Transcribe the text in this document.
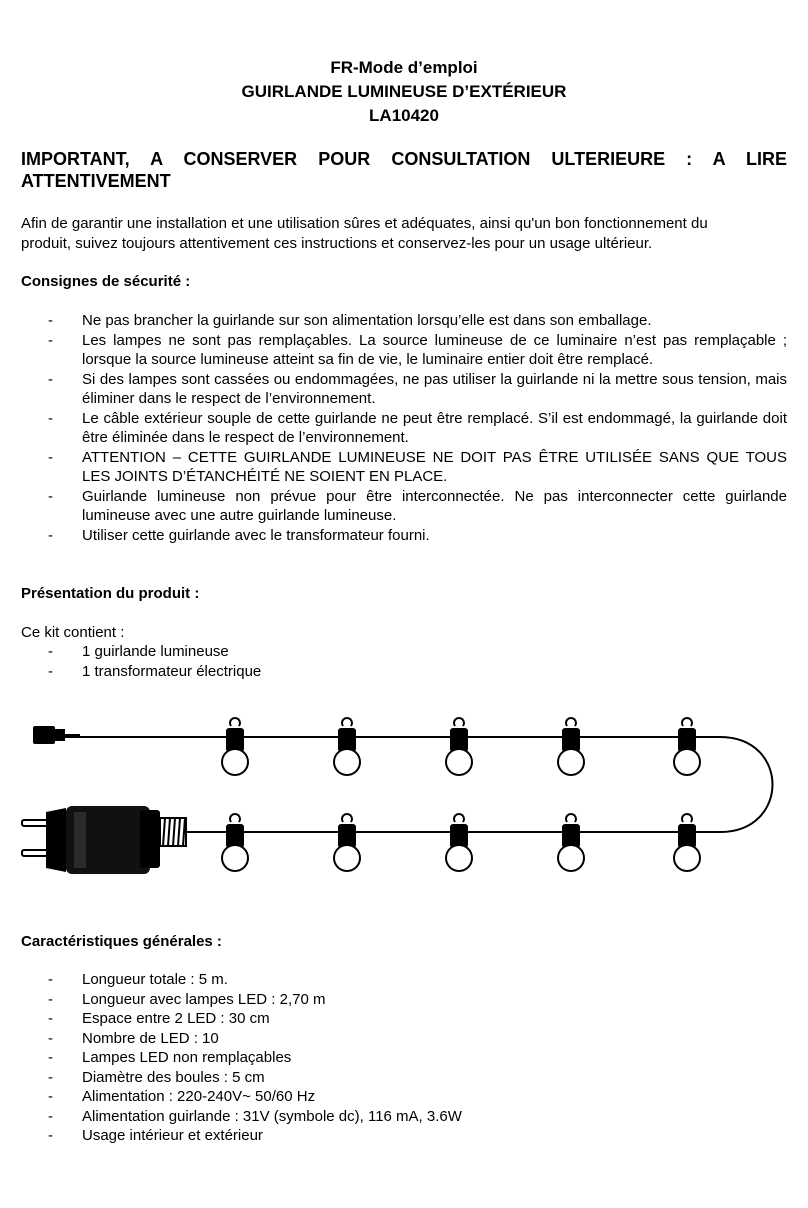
FR-Mode d’emploi

GUIRLANDE LUMINEUSE D’EXTÉRIEUR

LA10420

IMPORTANT, A CONSERVER POUR CONSULTATION ULTERIEURE : A LIRE
ATTENTIVEMENT
Afin de garantir une installation et une utilisation sûres et adéquates, ainsi qu'un bon fonctionnement du
produit, suivez toujours attentivement ces instructions et conservez-les pour un usage ultérieur.

Consignes de sécurité :

- Ne pas brancher la guirlande sur son alimentation lorsqu’elle est dans son emballage.
- Les lampes ne sont pas remplaçables. La source lumineuse de ce luminaire n’est pas remplaçable ; lorsque la source lumineuse atteint sa fin de vie, le luminaire entier doit être remplacé.
- Si des lampes sont cassées ou endommagées, ne pas utiliser la guirlande ni la mettre sous tension, mais éliminer dans le respect de l’environnement.
- Le câble extérieur souple de cette guirlande ne peut être remplacé. S’il est endommagé, la guirlande doit être éliminée dans le respect de l’environnement.
- ATTENTION – CETTE GUIRLANDE LUMINEUSE NE DOIT PAS ÊTRE UTILISÉE SANS QUE TOUS LES JOINTS D’ÉTANCHÉITÉ NE SOIENT EN PLACE.
- Guirlande lumineuse non prévue pour être interconnectée. Ne pas interconnecter cette guirlande lumineuse avec une autre guirlande lumineuse.
- Utiliser cette guirlande avec le transformateur fourni.

Présentation du produit :

Ce kit contient :

- 1 guirlande lumineuse
- 1 transformateur électrique

Caractéristiques générales :

- Longueur totale : 5 m.
- Longueur avec lampes LED : 2,70 m
- Espace entre 2 LED : 30 cm
- Nombre de LED : 10
- Lampes LED non remplaçables
- Diamètre des boules : 5 cm
- Alimentation : 220-240V~ 50/60 Hz
- Alimentation guirlande : 31V (symbole dc), 116 mA, 3.6W
- Usage intérieur et extérieur
